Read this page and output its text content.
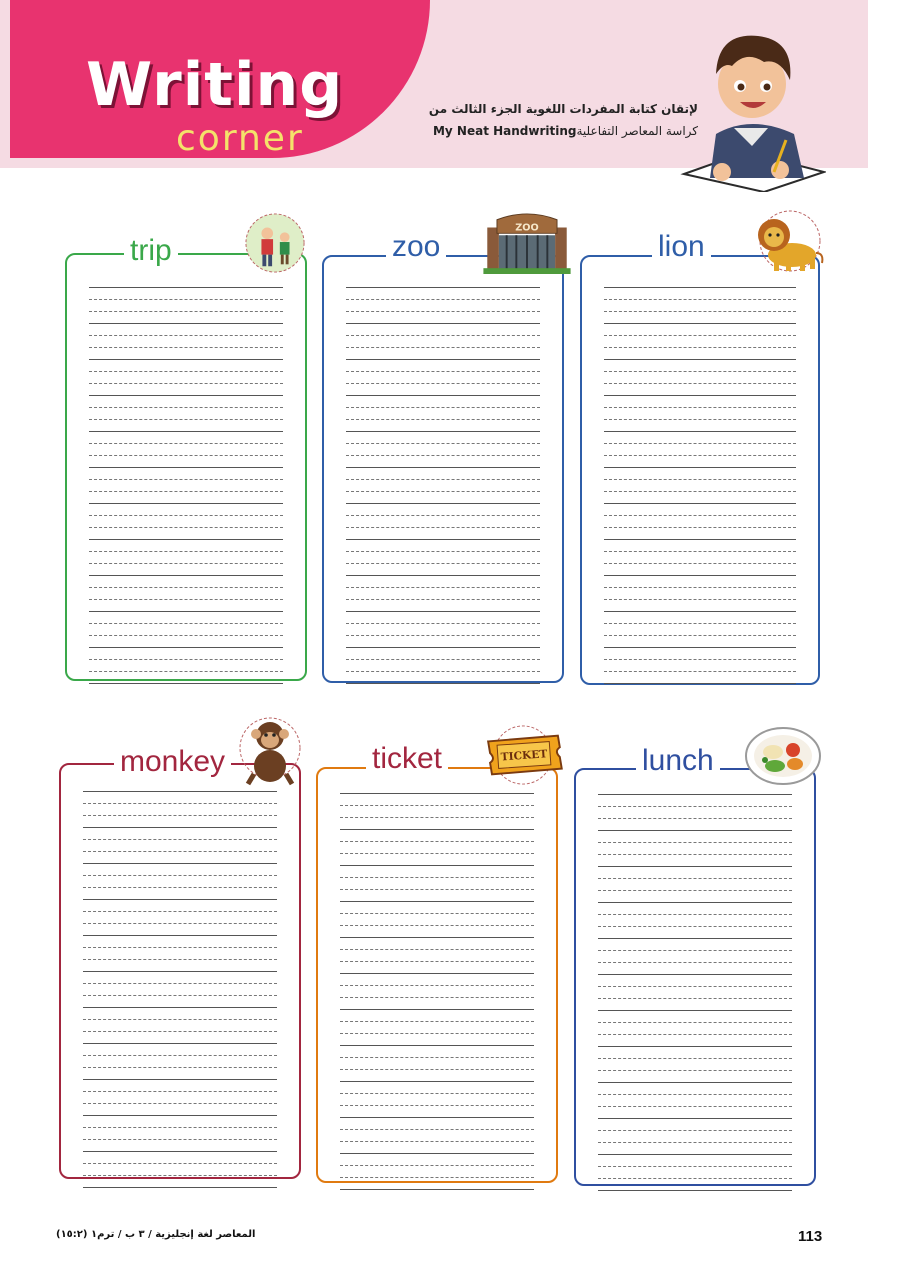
Writing
corner
لإتقان كتابة المفردات اللغوية الجزء الثالث من
My Neat Handwritingكراسة المعاصر التفاعلية
trip	zoo
ZOO
lion
monkey	ticket	TICKET	lunch
المعاصر لغة إنجليزية / ٣ ب / ترم١ (١٥:٢)	113
